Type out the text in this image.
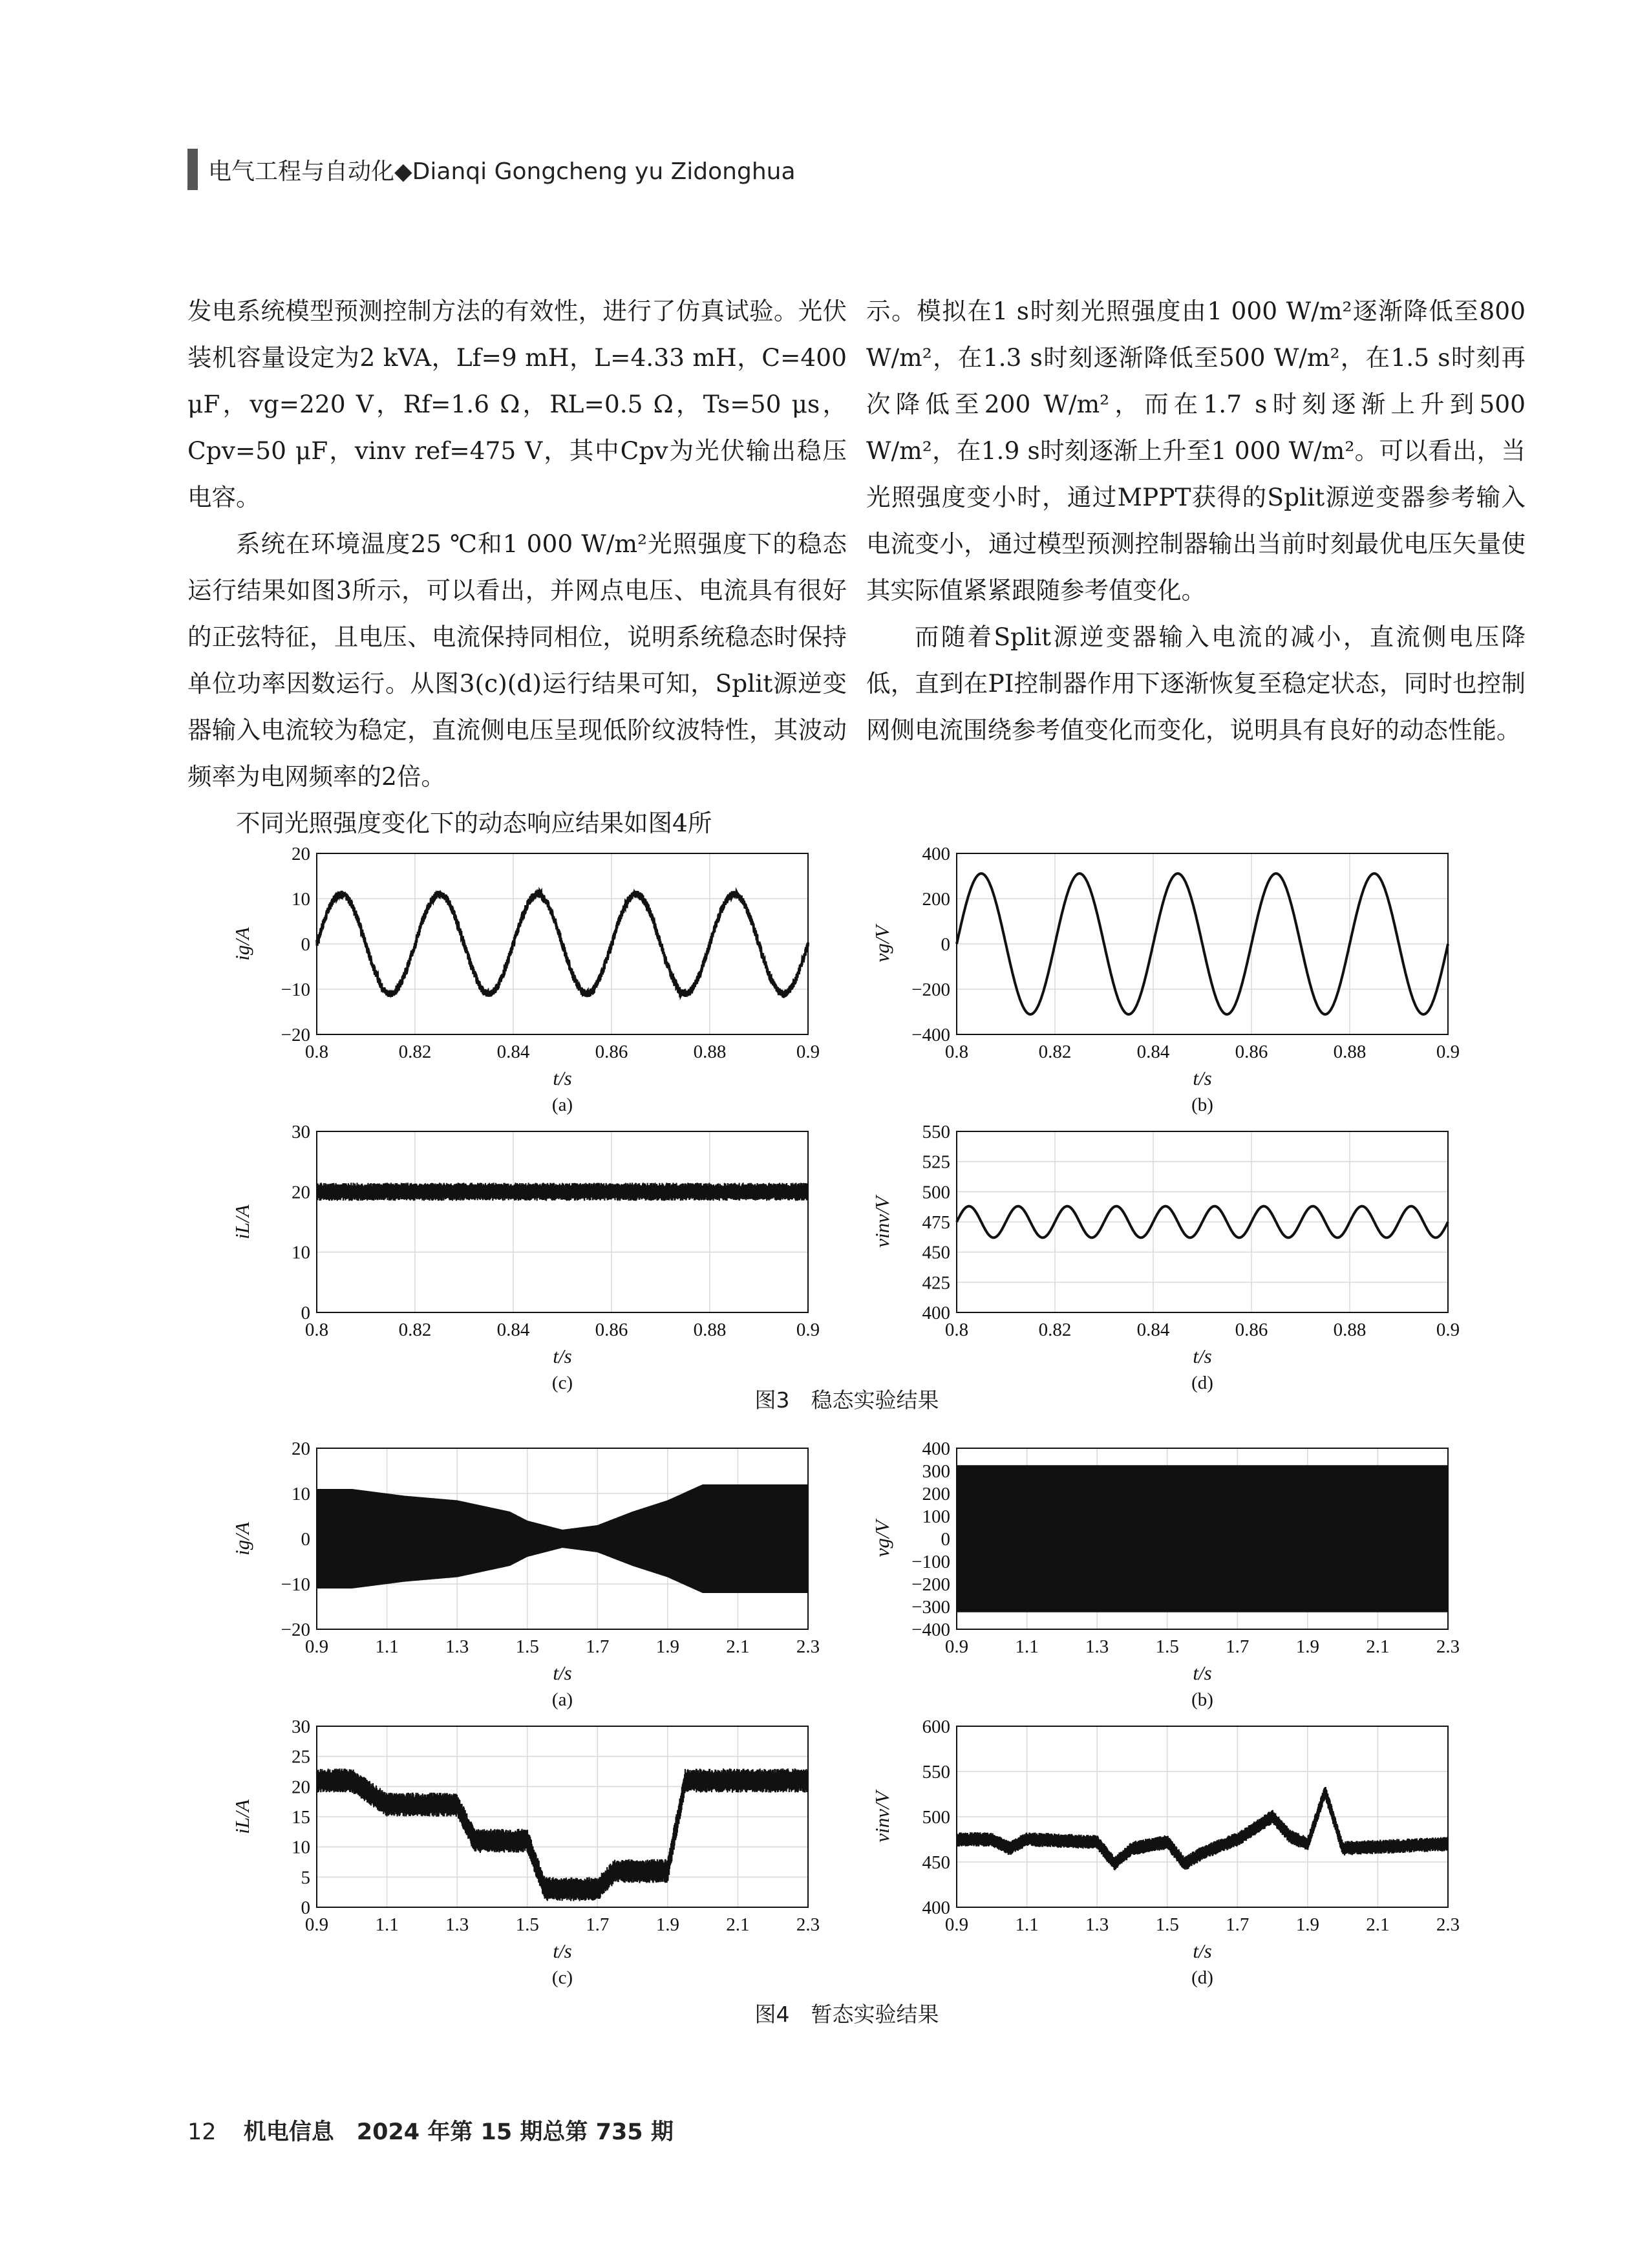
电气工程与自动化◆Dianqi Gongcheng yu Zidonghua

发电系统模型预测控制方法的有效性，进行了仿真试验。光伏装机容量设定为2 kVA，Lf=9 mH，L=4.33 mH，C=400 μF，vg=220 V，Rf=1.6 Ω，RL=0.5 Ω，Ts=50 μs，Cpv=50 μF，vinv ref=475 V，其中Cpv为光伏输出稳压电容。

系统在环境温度25 ℃和1 000 W/m²光照强度下的稳态运行结果如图3所示，可以看出，并网点电压、电流具有很好的正弦特征，且电压、电流保持同相位，说明系统稳态时保持单位功率因数运行。从图3(c)(d)运行结果可知，Split源逆变器输入电流较为稳定，直流侧电压呈现低阶纹波特性，其波动频率为电网频率的2倍。

不同光照强度变化下的动态响应结果如图4所

示。模拟在1 s时刻光照强度由1 000 W/m²逐渐降低至800 W/m²，在1.3 s时刻逐渐降低至500 W/m²，在1.5 s时刻再次降低至200 W/m²，而在1.7 s时刻逐渐上升到500 W/m²，在1.9 s时刻逐渐上升至1 000 W/m²。可以看出，当光照强度变小时，通过MPPT获得的Split源逆变器参考输入电流变小，通过模型预测控制器输出当前时刻最优电压矢量使其实际值紧紧跟随参考值变化。

而随着Split源逆变器输入电流的减小，直流侧电压降低，直到在PI控制器作用下逐渐恢复至稳定状态，同时也控制网侧电流围绕参考值变化而变化，说明具有良好的动态性能。

图3　稳态实验结果
0.8	0.82	0.84	0.86	0.88	0.9
20
10
0
−10
−20
t/s
ig/A
(a)
0.8	0.82	0.84	0.86	0.88	0.9
400
200
0
−200
−400
t/s
vg/V
(b)
0.8	0.82	0.84	0.86	0.88	0.9
30
20
10
0
t/s
iL/A
(c)
0.8	0.82	0.84	0.86	0.88	0.9
550
525
500
475
450
425
400
t/s
vinv/V
(d)
图4　暂态实验结果
0.9 1.1 1.3 1.5 1.7 1.9 2.1 2.3
20
10
0
−10
−20
t/s
ig/A
(a)
0.9 1.1 1.3 1.5 1.7 1.9 2.1 2.3
400
300
200
100
0
−100
−200
−300
−400
t/s
vg/V
(b)
0.9 1.1 1.3 1.5 1.7 1.9 2.1 2.3
30
25
20
15
10
5
0
t/s
iL/A
(c)
0.9 1.1 1.3 1.5 1.7 1.9 2.1 2.3
600
550
500
450
400
t/s
vinv/V
(d)
12 机电信息　2024 年第 15 期总第 735 期
